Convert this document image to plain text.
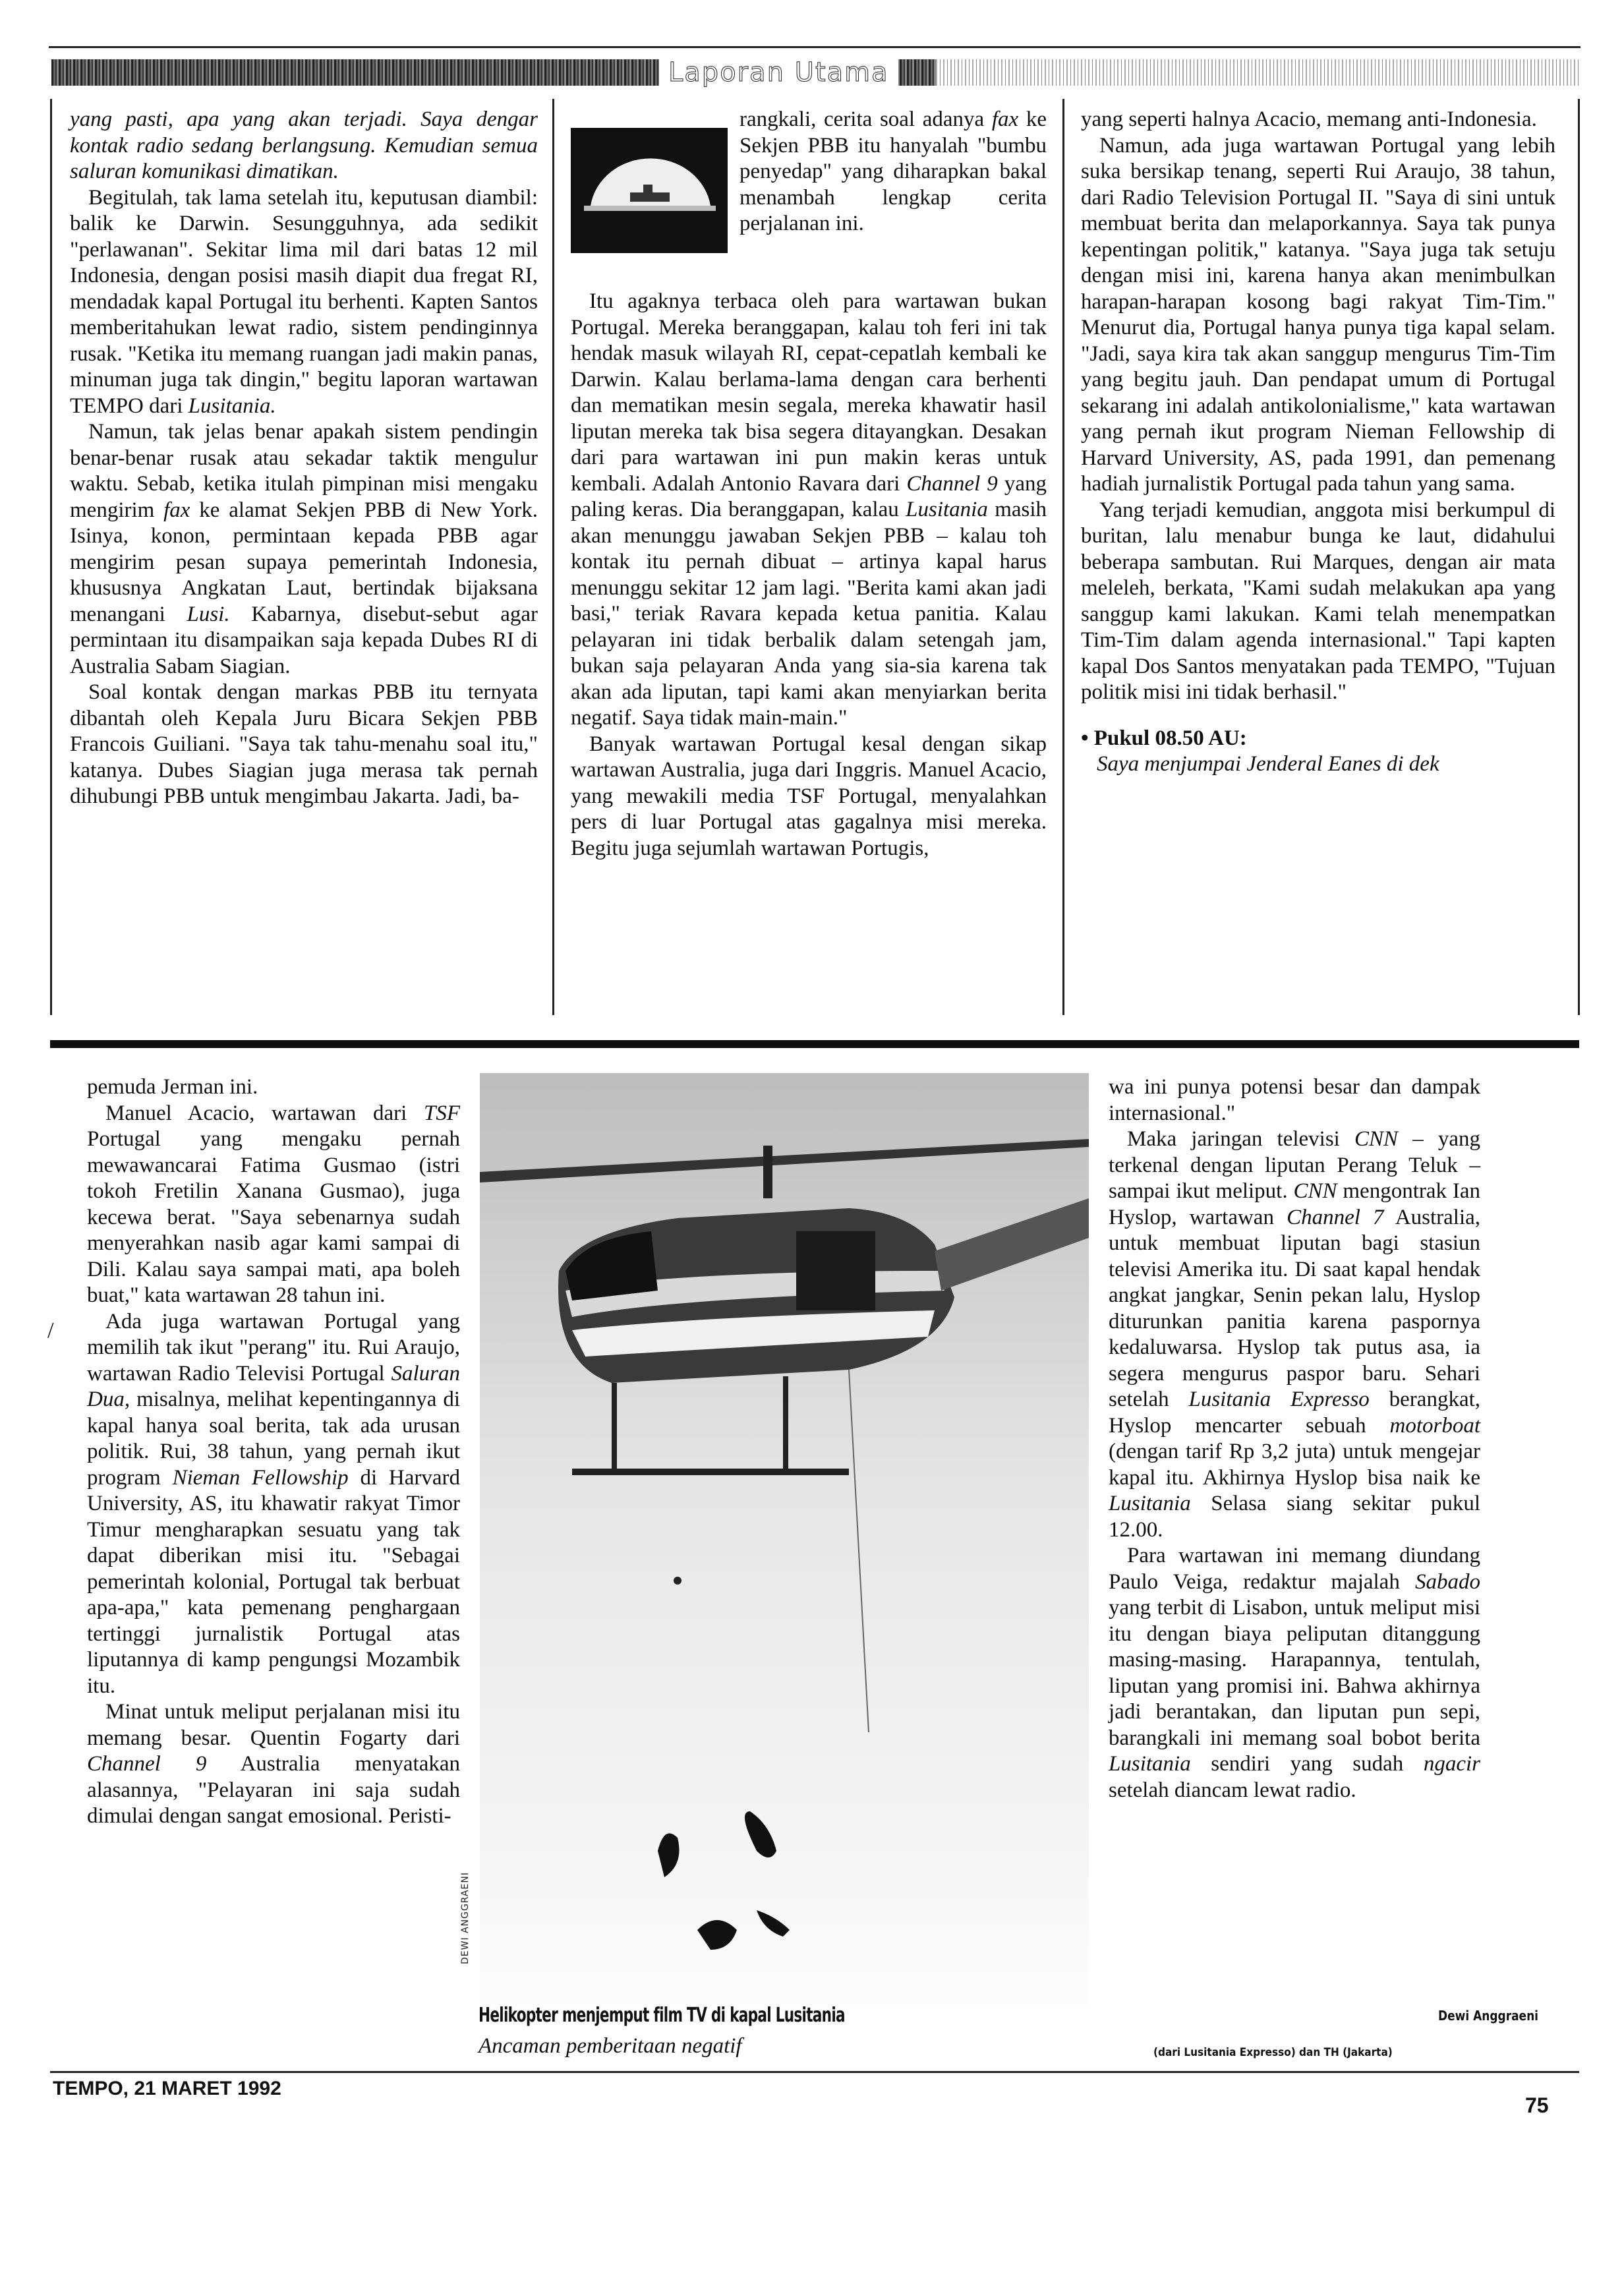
Laporan Utama

yang pasti, apa yang akan terjadi. Saya dengar kontak radio sedang berlangsung. Kemudian semua saluran komunikasi dimatikan.

Begitulah, tak lama setelah itu, keputusan diambil: balik ke Darwin. Sesungguhnya, ada sedikit "perlawanan". Sekitar lima mil dari batas 12 mil Indonesia, dengan posisi masih diapit dua fregat RI, mendadak kapal Portugal itu berhenti. Kapten Santos memberitahukan lewat radio, sistem pendinginnya rusak. "Ketika itu memang ruangan jadi makin panas, minuman juga tak dingin," begitu laporan wartawan TEMPO dari Lusitania.

Namun, tak jelas benar apakah sistem pendingin benar-benar rusak atau sekadar taktik mengulur waktu. Sebab, ketika itulah pimpinan misi mengaku mengirim fax ke alamat Sekjen PBB di New York. Isinya, konon, permintaan kepada PBB agar mengirim pesan supaya pemerintah Indonesia, khususnya Angkatan Laut, bertindak bijaksana menangani Lusi. Kabarnya, disebut-sebut agar permintaan itu disampaikan saja kepada Dubes RI di Australia Sabam Siagian.

Soal kontak dengan markas PBB itu ternyata dibantah oleh Kepala Juru Bicara Sekjen PBB Francois Guiliani. "Saya tak tahu-menahu soal itu," katanya. Dubes Siagian juga merasa tak pernah dihubungi PBB untuk mengimbau Jakarta. Jadi, ba-

rangkali, cerita soal adanya fax ke Sekjen PBB itu hanyalah "bumbu penyedap" yang diharapkan bakal menambah lengkap cerita perjalanan ini.

Itu agaknya terbaca oleh para wartawan bukan Portugal. Mereka beranggapan, kalau toh feri ini tak hendak masuk wilayah RI, cepat-cepatlah kembali ke Darwin. Kalau berlama-lama dengan cara berhenti dan mematikan mesin segala, mereka khawatir hasil liputan mereka tak bisa segera ditayangkan. Desakan dari para wartawan ini pun makin keras untuk kembali. Adalah Antonio Ravara dari Channel 9 yang paling keras. Dia beranggapan, kalau Lusitania masih akan menunggu jawaban Sekjen PBB – kalau toh kontak itu pernah dibuat – artinya kapal harus menunggu sekitar 12 jam lagi. "Berita kami akan jadi basi," teriak Ravara kepada ketua panitia. Kalau pelayaran ini tidak berbalik dalam setengah jam, bukan saja pelayaran Anda yang sia-sia karena tak akan ada liputan, tapi kami akan menyiarkan berita negatif. Saya tidak main-main."

Banyak wartawan Portugal kesal dengan sikap wartawan Australia, juga dari Inggris. Manuel Acacio, yang mewakili media TSF Portugal, menyalahkan pers di luar Portugal atas gagalnya misi mereka. Begitu juga sejumlah wartawan Portugis,

yang seperti halnya Acacio, memang anti-Indonesia.

Namun, ada juga wartawan Portugal yang lebih suka bersikap tenang, seperti Rui Araujo, 38 tahun, dari Radio Television Portugal II. "Saya di sini untuk membuat berita dan melaporkannya. Saya tak punya kepentingan politik," katanya. "Saya juga tak setuju dengan misi ini, karena hanya akan menimbulkan harapan-harapan kosong bagi rakyat Tim-Tim." Menurut dia, Portugal hanya punya tiga kapal selam. "Jadi, saya kira tak akan sanggup mengurus Tim-Tim yang begitu jauh. Dan pendapat umum di Portugal sekarang ini adalah antikolonialisme," kata wartawan yang pernah ikut program Nieman Fellowship di Harvard University, AS, pada 1991, dan pemenang hadiah jurnalistik Portugal pada tahun yang sama.

Yang terjadi kemudian, anggota misi berkumpul di buritan, lalu menabur bunga ke laut, didahului beberapa sambutan. Rui Marques, dengan air mata meleleh, berkata, "Kami sudah melakukan apa yang sanggup kami lakukan. Kami telah menempatkan Tim-Tim dalam agenda internasional." Tapi kapten kapal Dos Santos menyatakan pada TEMPO, "Tujuan politik misi ini tidak berhasil."

• Pukul 08.50 AU:

Saya menjumpai Jenderal Eanes di dek

pemuda Jerman ini.

Manuel Acacio, wartawan dari TSF Portugal yang mengaku pernah mewawancarai Fatima Gusmao (istri tokoh Fretilin Xanana Gusmao), juga kecewa berat. "Saya sebenarnya sudah menyerahkan nasib agar kami sampai di Dili. Kalau saya sampai mati, apa boleh buat," kata wartawan 28 tahun ini.

Ada juga wartawan Portugal yang memilih tak ikut "perang" itu. Rui Araujo, wartawan Radio Televisi Portugal Saluran Dua, misalnya, melihat kepentingannya di kapal hanya soal berita, tak ada urusan politik. Rui, 38 tahun, yang pernah ikut program Nieman Fellowship di Harvard University, AS, itu khawatir rakyat Timor Timur mengharapkan sesuatu yang tak dapat diberikan misi itu. "Sebagai pemerintah kolonial, Portugal tak berbuat apa-apa," kata pemenang penghargaan tertinggi jurnalistik Portugal atas liputannya di kamp pengungsi Mozambik itu.

Minat untuk meliput perjalanan misi itu memang besar. Quentin Fogarty dari Channel 9 Australia menyatakan alasannya, "Pelayaran ini saja sudah dimulai dengan sangat emosional. Peristi-

/
DEWI ANGGRAENI
Helikopter menjemput film TV di kapal Lusitania
Ancaman pemberitaan negatif

wa ini punya potensi besar dan dampak internasional."

Maka jaringan televisi CNN – yang terkenal dengan liputan Perang Teluk – sampai ikut meliput. CNN mengontrak Ian Hyslop, wartawan Channel 7 Australia, untuk membuat liputan bagi stasiun televisi Amerika itu. Di saat kapal hendak angkat jangkar, Senin pekan lalu, Hyslop diturunkan panitia karena paspornya kedaluwarsa. Hyslop tak putus asa, ia segera mengurus paspor baru. Sehari setelah Lusitania Expresso berangkat, Hyslop mencarter sebuah motorboat (dengan tarif Rp 3,2 juta) untuk mengejar kapal itu. Akhirnya Hyslop bisa naik ke Lusitania Selasa siang sekitar pukul 12.00.

Para wartawan ini memang diundang Paulo Veiga, redaktur majalah Sabado yang terbit di Lisabon, untuk meliput misi itu dengan biaya peliputan ditanggung masing-masing. Harapannya, tentulah, liputan yang promisi ini. Bahwa akhirnya jadi berantakan, dan liputan pun sepi, barangkali ini memang soal bobot berita Lusitania sendiri yang sudah ngacir setelah diancam lewat radio.

Dewi Anggraeni
(dari Lusitania Expresso) dan TH (Jakarta)
TEMPO, 21 MARET 1992
75
